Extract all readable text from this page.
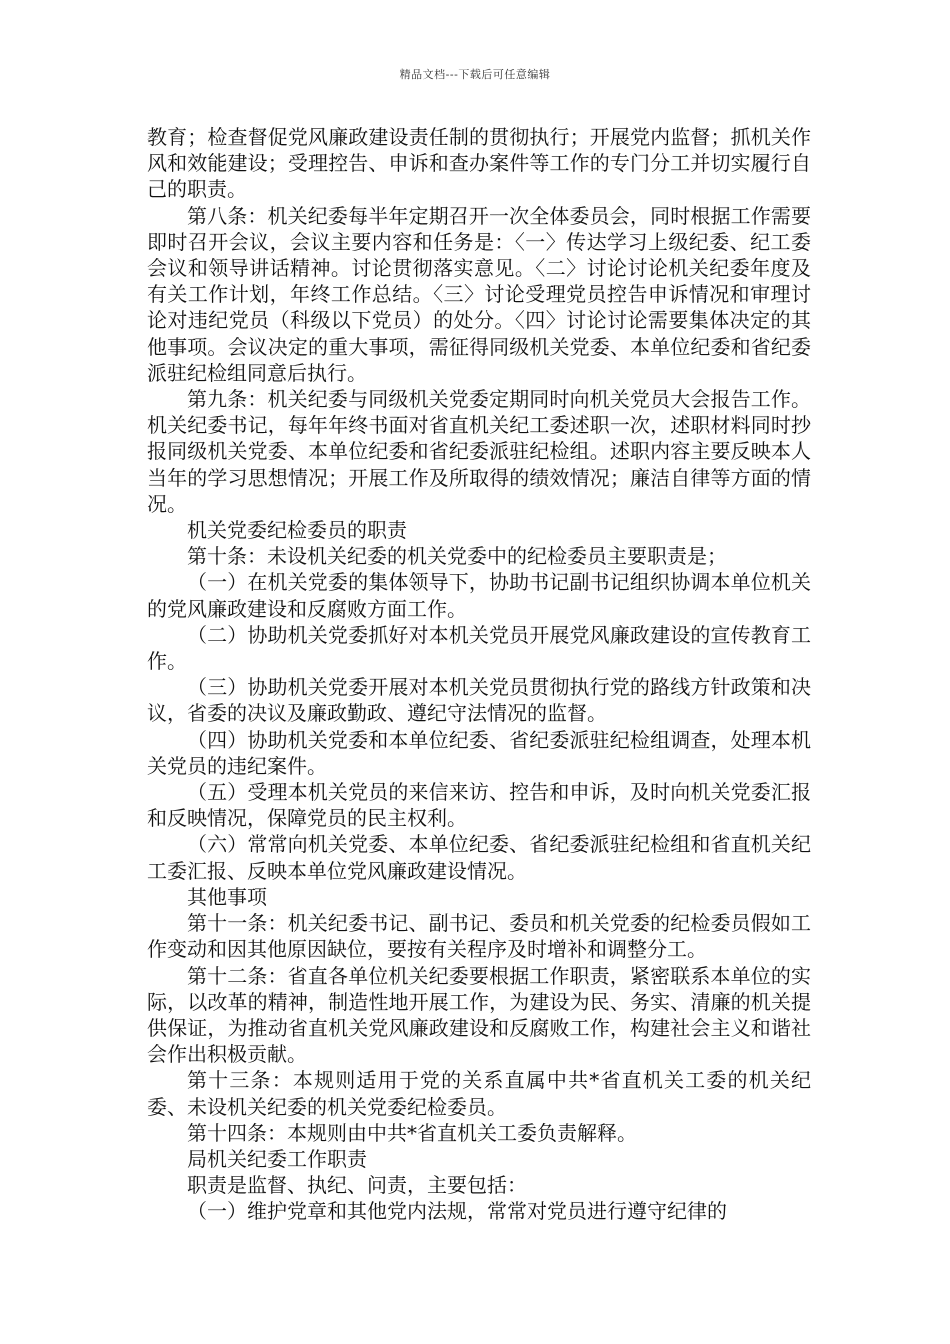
精品文档---下载后可任意编辑

教育；检查督促党风廉政建设责任制的贯彻执行；开展党内监督；抓机关作风和效能建设；受理控告、申诉和查办案件等工作的专门分工并切实履行自己的职责。

第八条：机关纪委每半年定期召开一次全体委员会，同时根据工作需要即时召开会议，会议主要内容和任务是：〈一〉传达学习上级纪委、纪工委会议和领导讲话精神。讨论贯彻落实意见。〈二〉讨论讨论机关纪委年度及有关工作计划，年终工作总结。〈三〉讨论受理党员控告申诉情况和审理讨论对违纪党员（科级以下党员）的处分。〈四〉讨论讨论需要集体决定的其他事项。会议决定的重大事项，需征得同级机关党委、本单位纪委和省纪委派驻纪检组同意后执行。

第九条：机关纪委与同级机关党委定期同时向机关党员大会报告工作。机关纪委书记，每年年终书面对省直机关纪工委述职一次，述职材料同时抄报同级机关党委、本单位纪委和省纪委派驻纪检组。述职内容主要反映本人当年的学习思想情况；开展工作及所取得的绩效情况；廉洁自律等方面的情况。

机关党委纪检委员的职责

第十条：未设机关纪委的机关党委中的纪检委员主要职责是；

（一）在机关党委的集体领导下，协助书记副书记组织协调本单位机关的党风廉政建设和反腐败方面工作。

（二）协助机关党委抓好对本机关党员开展党风廉政建设的宣传教育工作。

（三）协助机关党委开展对本机关党员贯彻执行党的路线方针政策和决议，省委的决议及廉政勤政、遵纪守法情况的监督。

（四）协助机关党委和本单位纪委、省纪委派驻纪检组调查，处理本机关党员的违纪案件。

（五）受理本机关党员的来信来访、控告和申诉，及时向机关党委汇报和反映情况，保障党员的民主权利。

（六）常常向机关党委、本单位纪委、省纪委派驻纪检组和省直机关纪工委汇报、反映本单位党风廉政建设情况。

其他事项

第十一条：机关纪委书记、副书记、委员和机关党委的纪检委员假如工作变动和因其他原因缺位，要按有关程序及时增补和调整分工。

第十二条：省直各单位机关纪委要根据工作职责，紧密联系本单位的实际，以改革的精神，制造性地开展工作，为建设为民、务实、清廉的机关提供保证，为推动省直机关党风廉政建设和反腐败工作，构建社会主义和谐社会作出积极贡献。

第十三条：本规则适用于党的关系直属中共*省直机关工委的机关纪委、未设机关纪委的机关党委纪检委员。

第十四条：本规则由中共*省直机关工委负责解释。

局机关纪委工作职责

职责是监督、执纪、问责，主要包括：

（一）维护党章和其他党内法规，常常对党员进行遵守纪律的
